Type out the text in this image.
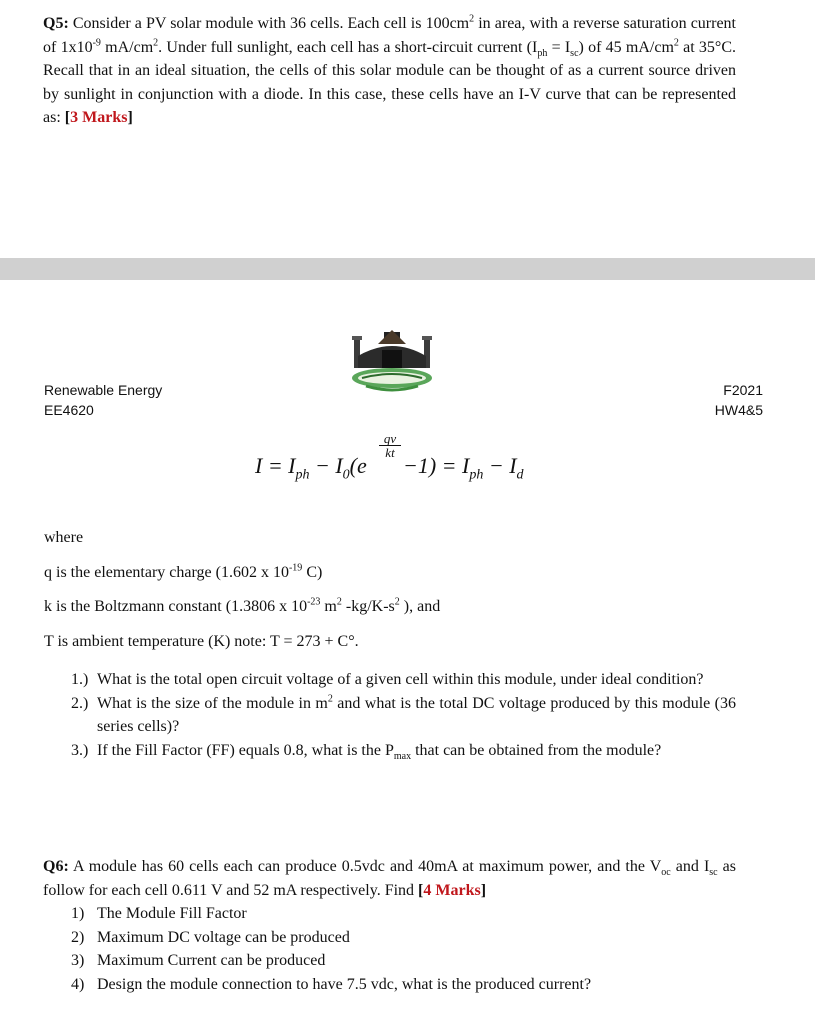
Q5: Consider a PV solar module with 36 cells. Each cell is $100cm^2$ in area, with a reverse saturation current of $1x10^{-9}$ $mA/cm^2$. Under full sunlight, each cell has a short-circuit current $(I_{ph} = I_{sc})$ of 45 $mA/cm^2$ at 35°C. Recall that in an ideal situation, the cells of this solar module can be thought of as a current source driven by sunlight in conjunction with a diode. In this case, these cells have an I-V curve that can be represented as: [3 Marks]
Renewable Energy
EE4620
F2021
HW4&5
$I = I_{ph} - I_0(e$
$\frac{qv}{kt}$
$-1) = I_{ph} - I_d$
where
q is the elementary charge (1.602 x $10^{-19}$ C)
k is the Boltzmann constant (1.3806 x $10^{-23}$ $m^2$ $-kg/K-s^2$ ), and
T is ambient temperature (K) note: T = 273 + C°.
1.) What is the total open circuit voltage of a given cell within this module, under ideal condition?
2.) What is the size of the module in $m^2$ and what is the total DC voltage produced by this module (36 series cells)?
3.) If the Fill Factor (FF) equals 0.8, what is the $P_{max}$ that can be obtained from the module?
Q6: A module has 60 cells each can produce 0.5vdc and 40mA at maximum power, and the $V_{oc}$ and $I_{sc}$ as follow for each cell 0.611 V and 52 mA respectively. Find [4 Marks]
1) The Module Fill Factor
2) Maximum DC voltage can be produced
3) Maximum Current can be produced
4) Design the module connection to have 7.5 vdc, what is the produced current?
